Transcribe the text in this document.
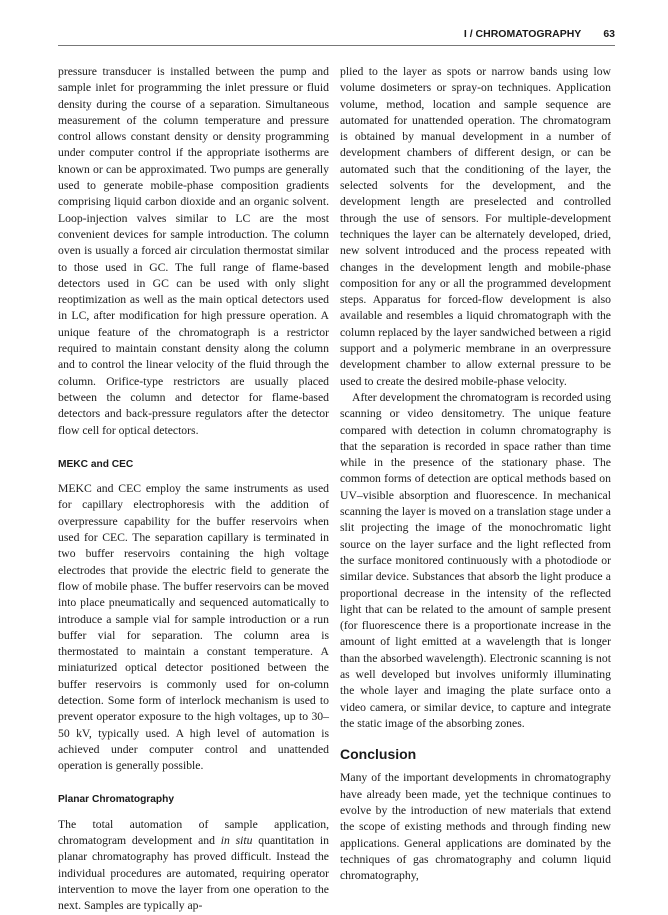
I / CHROMATOGRAPHY 63

pressure transducer is installed between the pump and sample inlet for programming the inlet pressure or fluid density during the course of a separation. Simultaneous measurement of the column temperature and pressure control allows constant density or density programming under computer control if the appropriate isotherms are known or can be approximated. Two pumps are generally used to generate mobile-phase composition gradients comprising liquid carbon dioxide and an organic solvent. Loop-injection valves similar to LC are the most convenient devices for sample introduction. The column oven is usually a forced air circulation thermostat similar to those used in GC. The full range of flame-based detectors used in GC can be used with only slight reoptimization as well as the main optical detectors used in LC, after modification for high pressure operation. A unique feature of the chromatograph is a restrictor required to maintain constant density along the column and to control the linear velocity of the fluid through the column. Orifice-type restrictors are usually placed between the column and detector for flame-based detectors and back-pressure regulators after the detector flow cell for optical detectors.

MEKC and CEC

MEKC and CEC employ the same instruments as used for capillary electrophoresis with the addition of overpressure capability for the buffer reservoirs when used for CEC. The separation capillary is terminated in two buffer reservoirs containing the high voltage electrodes that provide the electric field to generate the flow of mobile phase. The buffer reservoirs can be moved into place pneumatically and sequenced automatically to introduce a sample vial for sample introduction or a run buffer vial for separation. The column area is thermostated to maintain a constant temperature. A miniaturized optical detector positioned between the buffer reservoirs is commonly used for on-column detection. Some form of interlock mechanism is used to prevent operator exposure to the high voltages, up to 30–50 kV, typically used. A high level of automation is achieved under computer control and unattended operation is generally possible.

Planar Chromatography

The total automation of sample application, chromatogram development and in situ quantitation in planar chromatography has proved difficult. Instead the individual procedures are automated, requiring operator intervention to move the layer from one operation to the next. Samples are typically ap-

plied to the layer as spots or narrow bands using low volume dosimeters or spray-on techniques. Application volume, method, location and sample sequence are automated for unattended operation. The chromatogram is obtained by manual development in a number of development chambers of different design, or can be automated such that the conditioning of the layer, the selected solvents for the development, and the development length are preselected and controlled through the use of sensors. For multiple-development techniques the layer can be alternately developed, dried, new solvent introduced and the process repeated with changes in the development length and mobile-phase composition for any or all the programmed development steps. Apparatus for forced-flow development is also available and resembles a liquid chromatograph with the column replaced by the layer sandwiched between a rigid support and a polymeric membrane in an overpressure development chamber to allow external pressure to be used to create the desired mobile-phase velocity.

After development the chromatogram is recorded using scanning or video densitometry. The unique feature compared with detection in column chromatography is that the separation is recorded in space rather than time while in the presence of the stationary phase. The common forms of detection are optical methods based on UV–visible absorption and fluorescence. In mechanical scanning the layer is moved on a translation stage under a slit projecting the image of the monochromatic light source on the layer surface and the light reflected from the surface monitored continuously with a photodiode or similar device. Substances that absorb the light produce a proportional decrease in the intensity of the reflected light that can be related to the amount of sample present (for fluorescence there is a proportionate increase in the amount of light emitted at a wavelength that is longer than the absorbed wavelength). Electronic scanning is not as well developed but involves uniformly illuminating the whole layer and imaging the plate surface onto a video camera, or similar device, to capture and integrate the static image of the absorbing zones.

Conclusion

Many of the important developments in chromatography have already been made, yet the technique continues to evolve by the introduction of new materials that extend the scope of existing methods and through finding new applications. General applications are dominated by the techniques of gas chromatography and column liquid chromatography,
